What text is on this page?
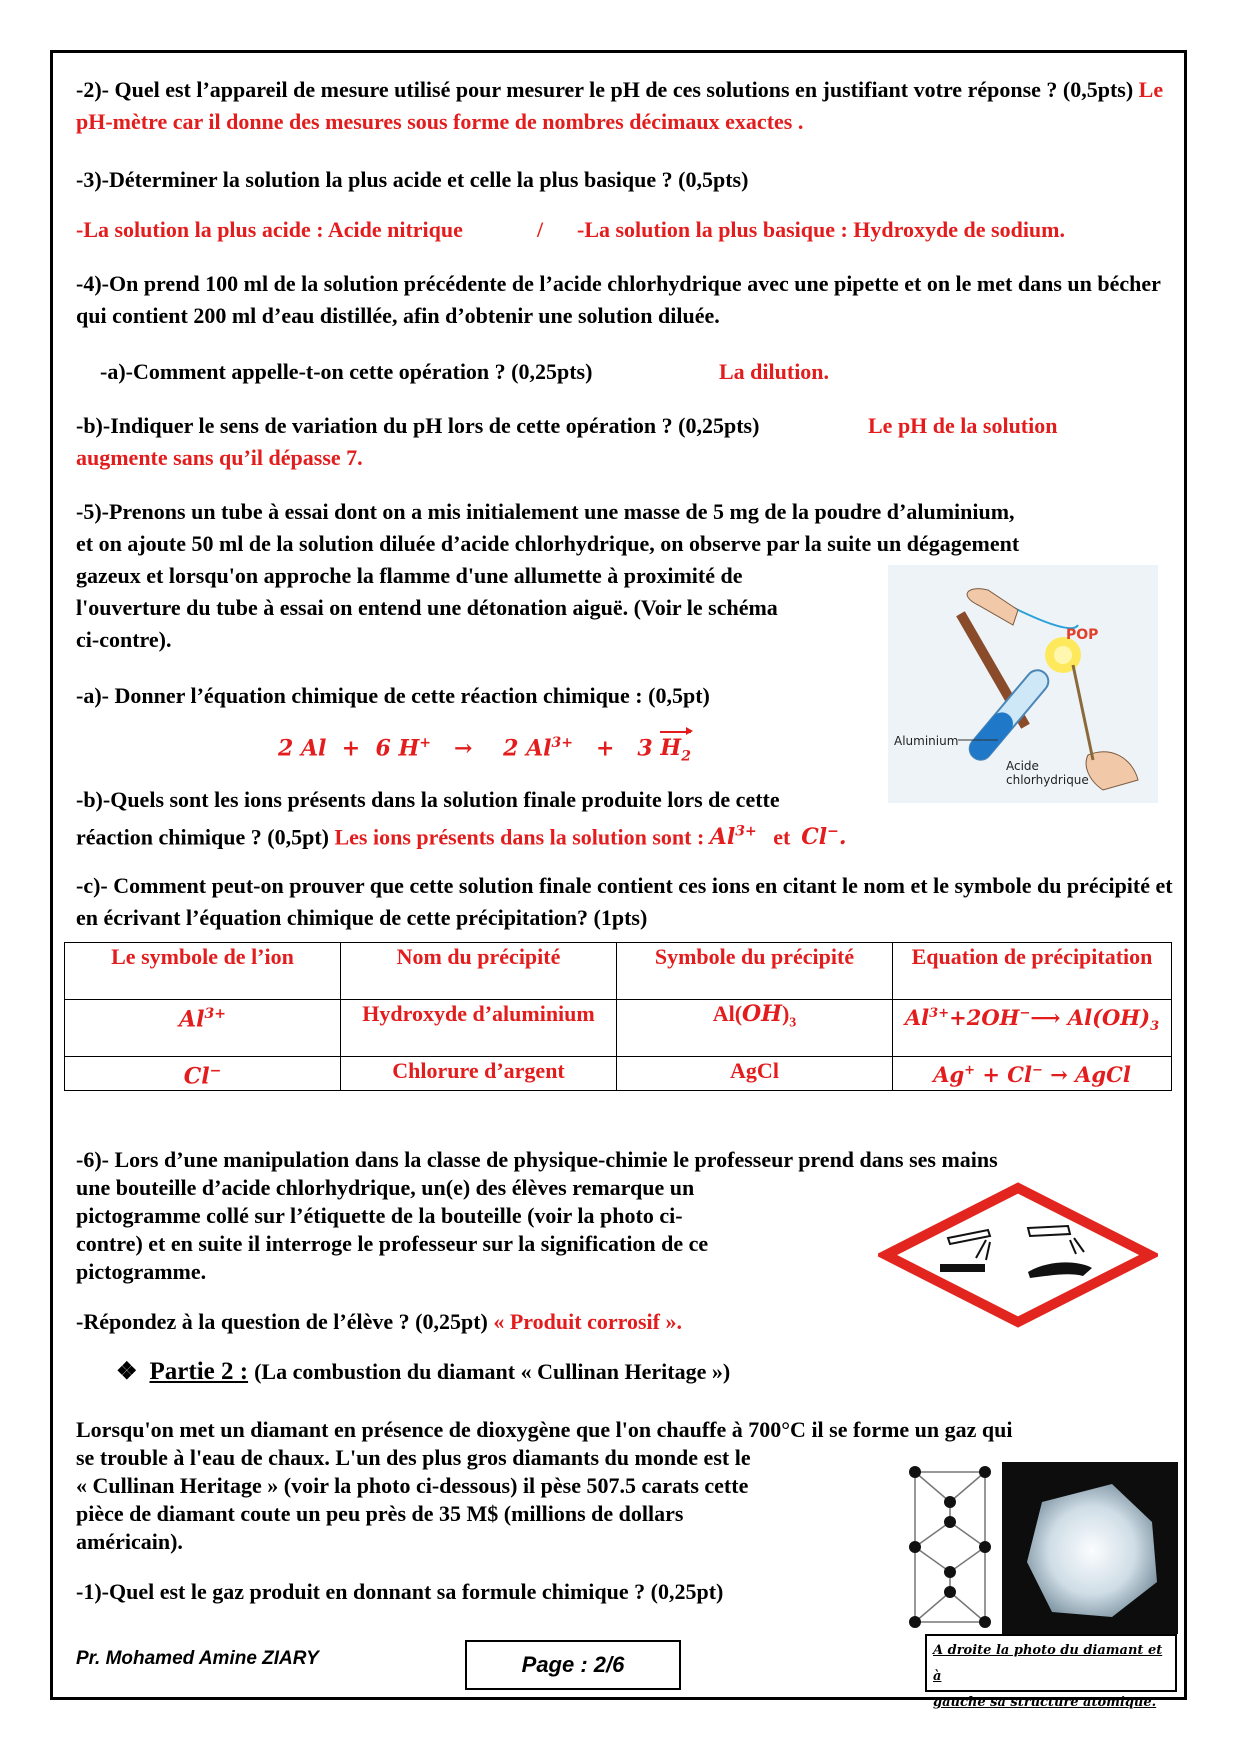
-2)- Quel est l’appareil de mesure utilisé pour mesurer le pH de ces solutions en justifiant votre réponse ? (0,5pts) Le pH-mètre car il donne des mesures sous forme de nombres décimaux exactes .
-3)-Déterminer la solution la plus acide et celle la plus basique ? (0,5pts)
-La solution la plus acide : Acide nitrique	/ -La solution la plus basique : Hydroxyde de sodium.
-4)-On prend 100 ml de la solution précédente de l’acide chlorhydrique avec une pipette et on le met dans un bécher qui contient 200 ml d’eau distillée, afin d’obtenir une solution diluée.
-a)-Comment appelle-t-on cette opération ? (0,25pts)	La dilution.
-b)-Indiquer le sens de variation du pH lors de cette opération ? (0,25pts)	Le pH de la solution
augmente sans qu’il dépasse 7.
-5)-Prenons un tube à essai dont on a mis initialement une masse de 5 mg de la poudre d’aluminium,
et on ajoute 50 ml de la solution diluée d’acide chlorhydrique, on observe par la suite un dégagement
gazeux et lorsqu'on approche la flamme d'une allumette à proximité de
l'ouverture du tube à essai on entend une détonation aiguë. (Voir le schéma
ci-contre).
-a)- Donner l’équation chimique de cette réaction chimique : (0,5pt)
2 Al + 6 H+ → 2 $Al^{3+} + 3$ $H_2$
-b)-Quels sont les ions présents dans la solution finale produite lors de cette
réaction chimique ? (0,5pt) Les ions présents dans la solution sont : $Al^{3+}$ et Cl−.
-c)- Comment peut-on prouver que cette solution finale contient ces ions en citant le nom et le symbole du précipité et en écrivant l’équation chimique de cette précipitation? (1pts)
POP
Aluminium
Acide
chlorhydrique
Le symbole de l’ion	Nom du précipité	Symbole du précipité	Equation de précipitation
$Al^{3+}$	Hydroxyde d’aluminium	$Al(OH)_3$	$Al^{3+}+2OH^-⟶$ $Al(OH)_3$
Cl−	Chlorure d’argent	AgCl	Ag+ + Cl− → AgCl
-6)- Lors d’une manipulation dans la classe de physique-chimie le professeur prend dans ses mains
une bouteille d’acide chlorhydrique, un(e) des élèves remarque un
pictogramme collé sur l’étiquette de la bouteille (voir la photo ci-
contre) et en suite il interroge le professeur sur la signification de ce
pictogramme.
-Répondez à la question de l’élève ? (0,25pt) « Produit corrosif ».
❖ Partie 2 : (La combustion du diamant « Cullinan Heritage »)
Lorsqu'on met un diamant en présence de dioxygène que l'on chauffe à 700°C il se forme un gaz qui
se trouble à l'eau de chaux. L'un des plus gros diamants du monde est le
« Cullinan Heritage » (voir la photo ci-dessous) il pèse 507.5 carats cette
pièce de diamant coute un peu près de 35 M$ (millions de dollars
américain).
-1)-Quel est le gaz produit en donnant sa formule chimique ? (0,25pt)
Pr. Mohamed Amine ZIARY	Page : 2/6
A droite la photo du diamant et à
gauche sa structure atomique.
